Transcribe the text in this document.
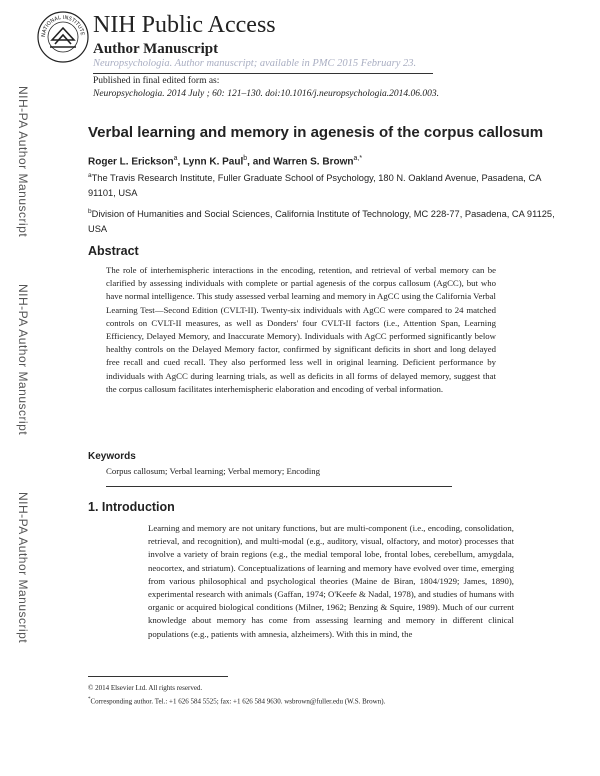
NATIONAL INSTITUTE NIH Public Access
Author Manuscript
Neuropsychologia. Author manuscript; available in PMC 2015 February 23.
Published in final edited form as:
Neuropsychologia. 2014 July ; 60: 121–130. doi:10.1016/j.neuropsychologia.2014.06.003.
NIH-PA Author Manuscript
NIH-PA Author Manuscript
NIH-PA Author Manuscript
Verbal learning and memory in agenesis of the corpus callosum
Roger L. Erickson$^a$, Lynn K. Paul$^b$, and Warren S. Brown$^{a,*}$
$^a$The Travis Research Institute, Fuller Graduate School of Psychology, 180 N. Oakland Avenue, Pasadena, CA 91101, USA
$^b$Division of Humanities and Social Sciences, California Institute of Technology, MC 228-77, Pasadena, CA 91125, USA
Abstract
The role of interhemispheric interactions in the encoding, retention, and retrieval of verbal memory can be clarified by assessing individuals with complete or partial agenesis of the corpus callosum (AgCC), but who have normal intelligence. This study assessed verbal learning and memory in AgCC using the California Verbal Learning Test—Second Edition (CVLT-II). Twenty-six individuals with AgCC were compared to 24 matched controls on CVLT-II measures, as well as Donders' four CVLT-II factors (i.e., Attention Span, Learning Efficiency, Delayed Memory, and Inaccurate Memory). Individuals with AgCC performed significantly below healthy controls on the Delayed Memory factor, confirmed by significant deficits in short and long delayed free recall and cued recall. They also performed less well in original learning. Deficient performance by individuals with AgCC during learning trials, as well as deficits in all forms of delayed memory, suggest that the corpus callosum facilitates interhemispheric elaboration and encoding of verbal information.
Keywords
Corpus callosum; Verbal learning; Verbal memory; Encoding
1. Introduction
Learning and memory are not unitary functions, but are multi-component (i.e., encoding, consolidation, retrieval, and recognition), and multi-modal (e.g., auditory, visual, olfactory, and motor) processes that involve a variety of brain regions (e.g., the medial temporal lobe, frontal lobes, cerebellum, amygdala, neocortex, and striatum). Conceptualizations of learning and memory have evolved over time, emerging from various philosophical and psychological theories (Maine de Biran, 1804/1929; James, 1890), experimental research with animals (Gaffan, 1974; O'Keefe & Nadal, 1978), and studies of humans with organic or acquired biological conditions (Milner, 1962; Benzing & Squire, 1989). Much of our current knowledge about memory has come from assessing learning and memory in different clinical populations (e.g., patients with amnesia, alzheimers). With this in mind, the
© 2014 Elsevier Ltd. All rights reserved.
*Corresponding author. Tel.: +1 626 584 5525; fax: +1 626 584 9630. wsbrown@fuller.edu (W.S. Brown).
